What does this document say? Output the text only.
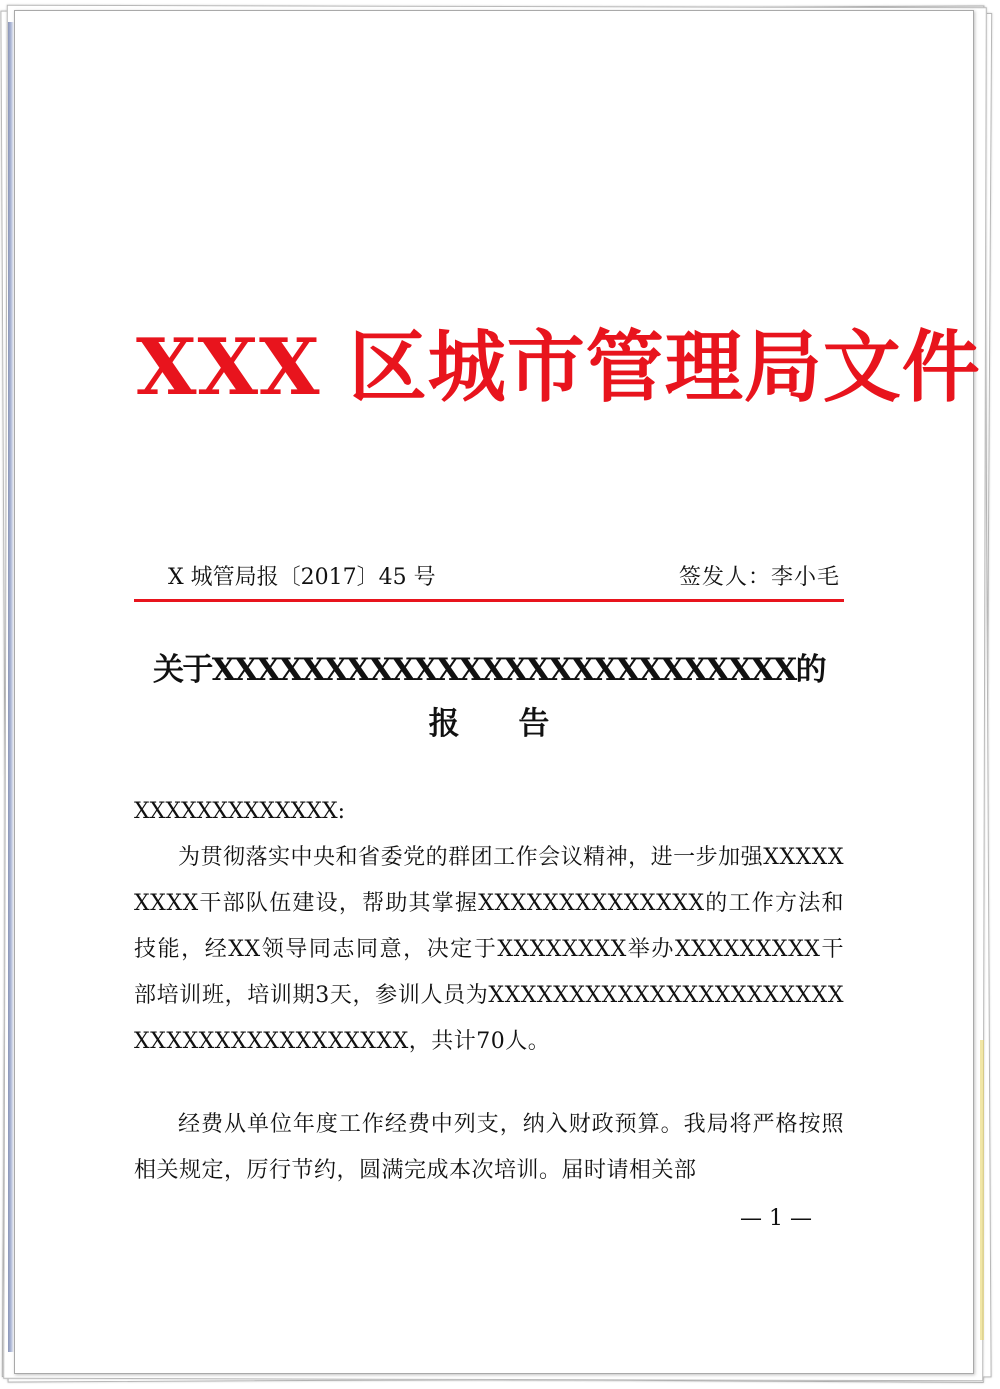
XXX 区城市管理局文件
X 城管局报〔2017〕45 号	签发人：李小毛
关于XXXXXXXXXXXXXXXXXXXXXXXXXX的
报 告
XXXXXXXXXXXXX:

为贯彻落实中央和省委党的群团工作会议精神，进一步加强XXXXXXXXX干部队伍建设，帮助其掌握XXXXXXXXXXXXXX的工作方法和技能，经XX领导同志同意，决定于XXXXXXXX举办XXXXXXXXX干部培训班，培训期3天，参训人员为XXXXXXXXXXXXXXXXXXXXXXXXXXXXXXXXXXXXXXX，共计70人。

经费从单位年度工作经费中列支，纳入财政预算。我局将严格按照相关规定，厉行节约，圆满完成本次培训。届时请相关部

— 1 —
